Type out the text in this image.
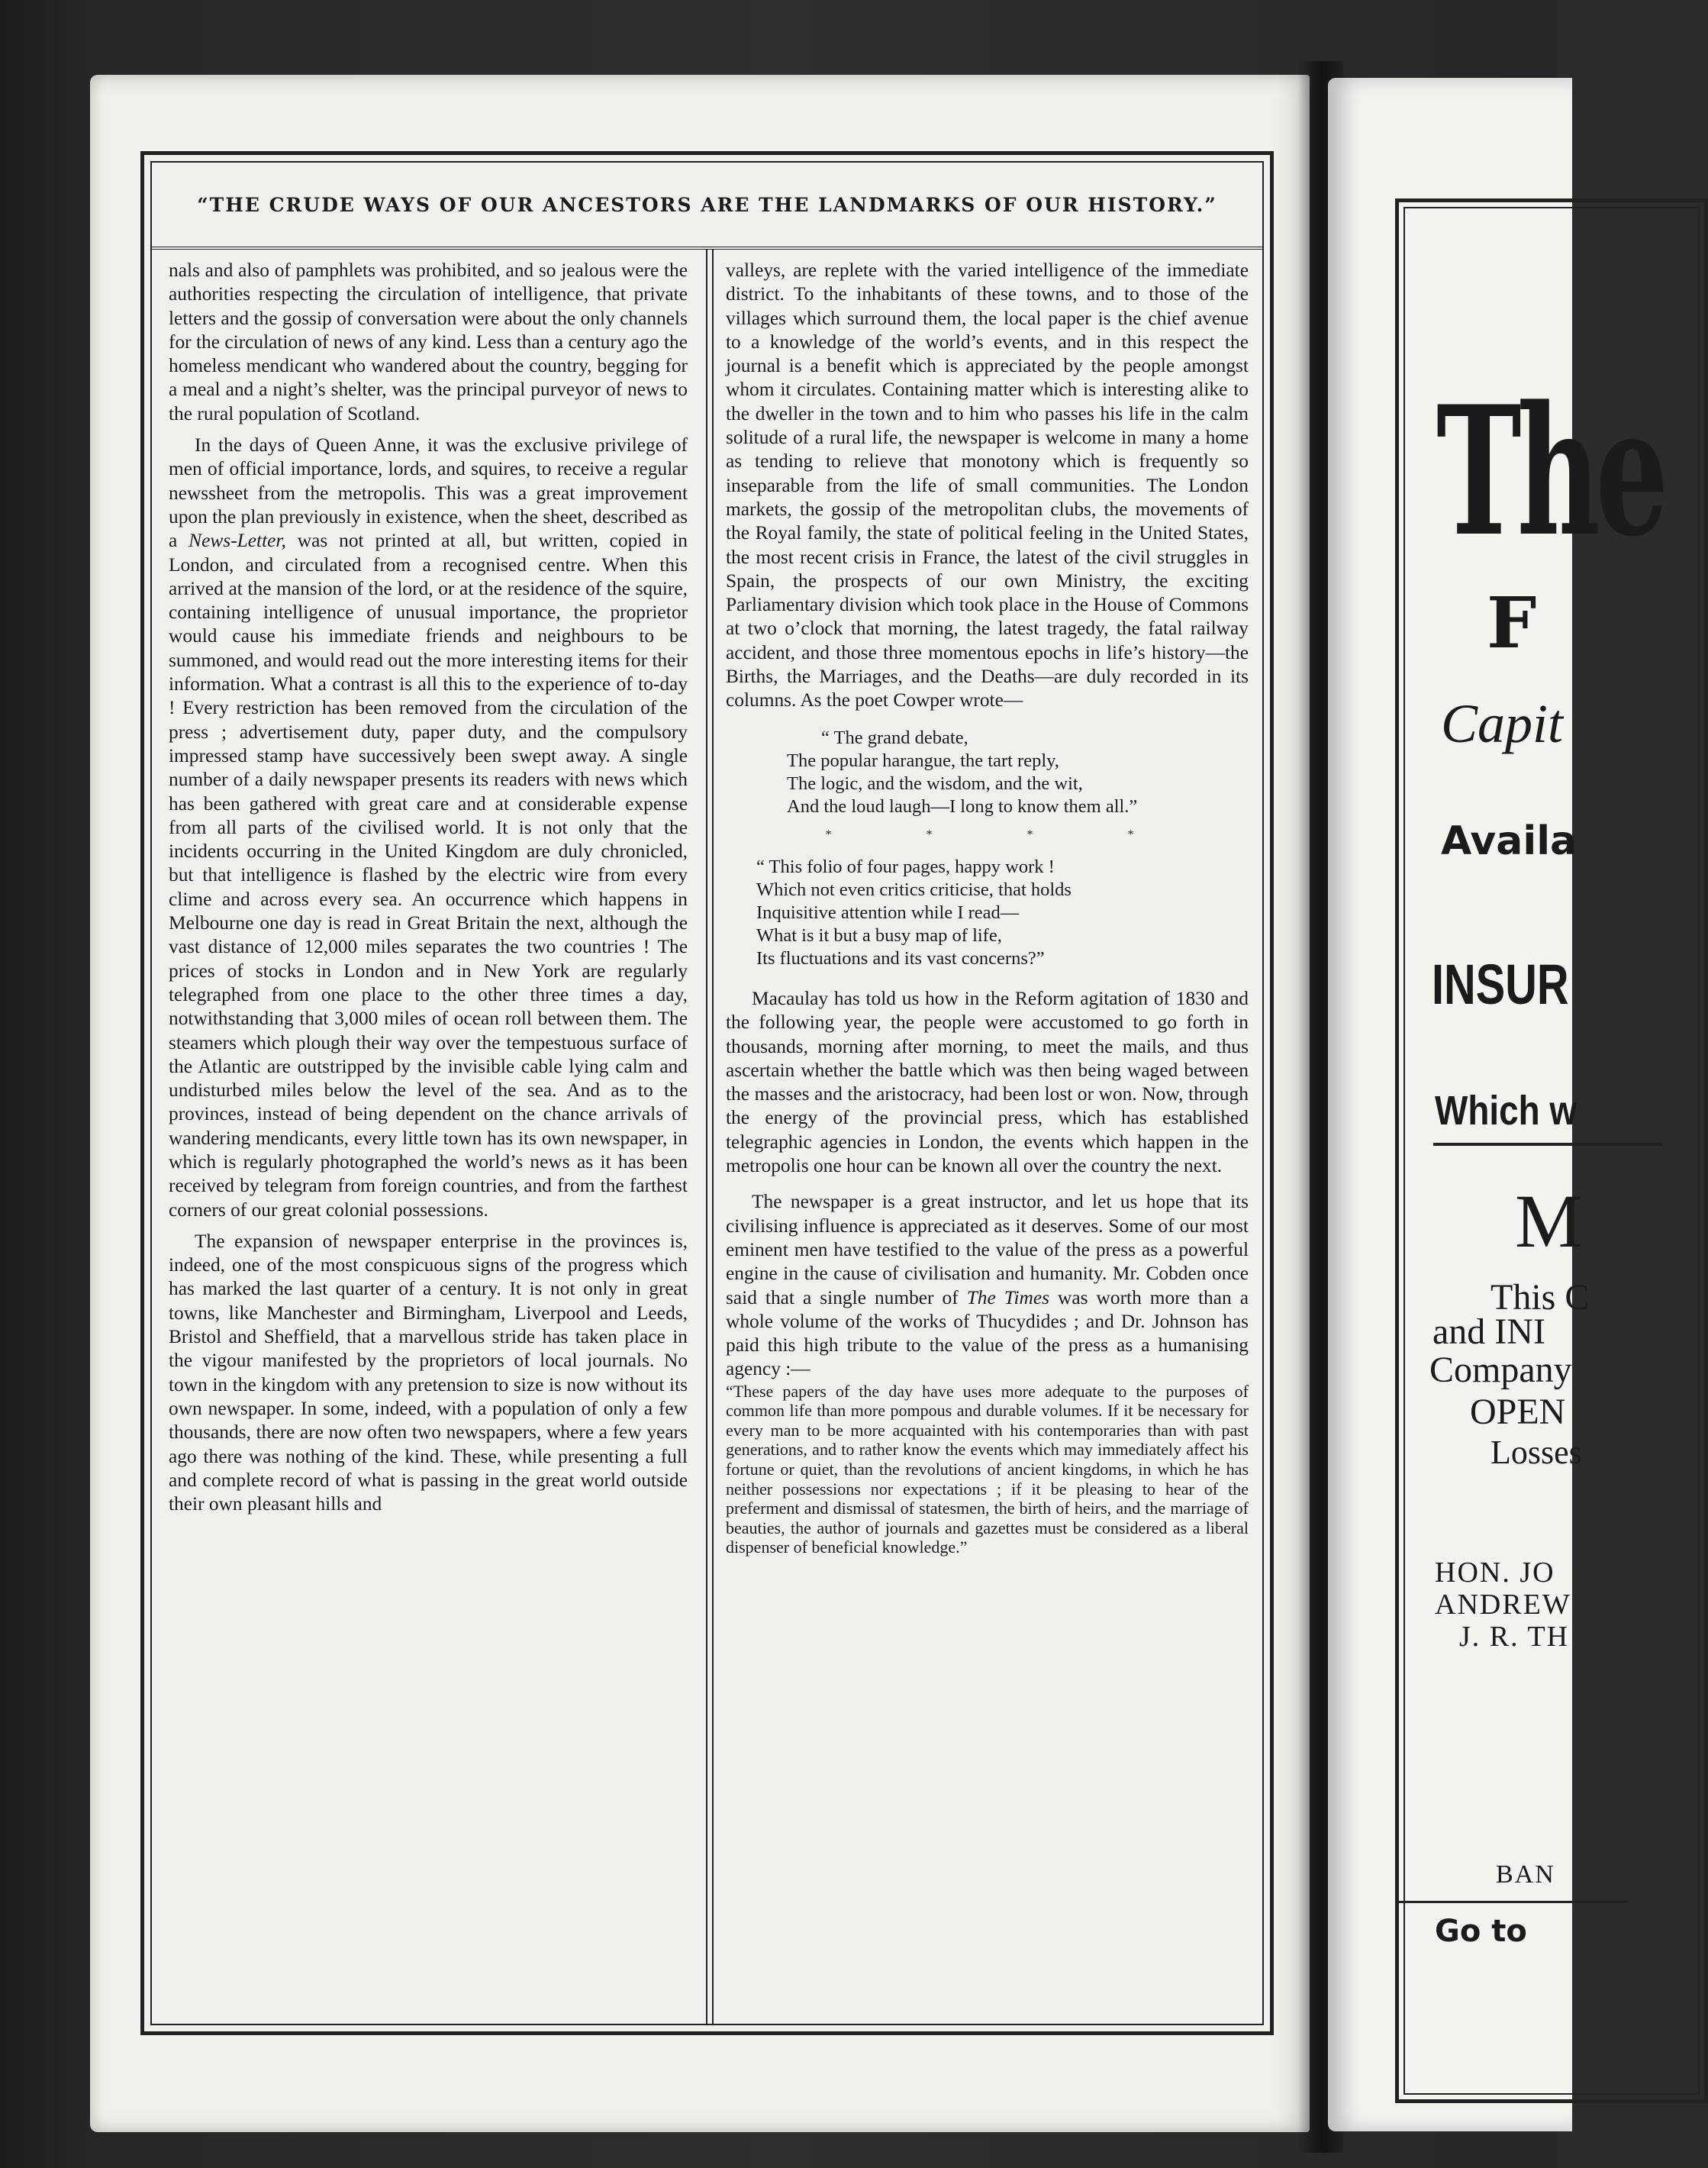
“THE CRUDE WAYS OF OUR ANCESTORS ARE THE LANDMARKS OF OUR HISTORY.”

nals and also of pamphlets was prohibited, and so jealous were the authorities respecting the circulation of intelligence, that private letters and the gossip of conversation were about the only channels for the circulation of news of any kind. Less than a century ago the homeless mendicant who wandered about the country, begging for a meal and a night’s shelter, was the principal purveyor of news to the rural population of Scotland.

In the days of Queen Anne, it was the exclusive privilege of men of official importance, lords, and squires, to receive a regular newssheet from the metropolis. This was a great improvement upon the plan previously in existence, when the sheet, described as a News-Letter, was not printed at all, but written, copied in London, and circulated from a recognised centre. When this arrived at the mansion of the lord, or at the residence of the squire, containing intelligence of unusual importance, the proprietor would cause his immediate friends and neighbours to be summoned, and would read out the more interesting items for their information. What a contrast is all this to the experience of to-day ! Every restriction has been removed from the circulation of the press ; advertisement duty, paper duty, and the compulsory impressed stamp have successively been swept away. A single number of a daily newspaper presents its readers with news which has been gathered with great care and at considerable expense from all parts of the civilised world. It is not only that the incidents occurring in the United Kingdom are duly chronicled, but that intelligence is flashed by the electric wire from every clime and across every sea. An occurrence which happens in Melbourne one day is read in Great Britain the next, although the vast distance of 12,000 miles separates the two countries ! The prices of stocks in London and in New York are regularly telegraphed from one place to the other three times a day, notwithstanding that 3,000 miles of ocean roll between them. The steamers which plough their way over the tempestuous surface of the Atlantic are outstripped by the invisible cable lying calm and undisturbed miles below the level of the sea. And as to the provinces, instead of being dependent on the chance arrivals of wandering mendicants, every little town has its own newspaper, in which is regularly photographed the world’s news as it has been received by telegram from foreign countries, and from the farthest corners of our great colonial possessions.

The expansion of newspaper enterprise in the provinces is, indeed, one of the most conspicuous signs of the progress which has marked the last quarter of a century. It is not only in great towns, like Manchester and Birmingham, Liverpool and Leeds, Bristol and Sheffield, that a marvellous stride has taken place in the vigour manifested by the proprietors of local journals. No town in the kingdom with any pretension to size is now without its own newspaper. In some, indeed, with a population of only a few thousands, there are now often two newspapers, where a few years ago there was nothing of the kind. These, while presenting a full and complete record of what is passing in the great world outside their own pleasant hills and

valleys, are replete with the varied intelligence of the immediate district. To the inhabitants of these towns, and to those of the villages which surround them, the local paper is the chief avenue to a knowledge of the world’s events, and in this respect the journal is a benefit which is appreciated by the people amongst whom it circulates. Containing matter which is interesting alike to the dweller in the town and to him who passes his life in the calm solitude of a rural life, the newspaper is welcome in many a home as tending to relieve that monotony which is frequently so inseparable from the life of small communities. The London markets, the gossip of the metropolitan clubs, the movements of the Royal family, the state of political feeling in the United States, the most recent crisis in France, the latest of the civil struggles in Spain, the prospects of our own Ministry, the exciting Parliamentary division which took place in the House of Commons at two o’clock that morning, the latest tragedy, the fatal railway accident, and those three momentous epochs in life’s history—the Births, the Marriages, and the Deaths—are duly recorded in its columns. As the poet Cowper wrote—

“ The grand debate,
The popular harangue, the tart reply,
The logic, and the wisdom, and the wit,
And the loud laugh—I long to know them all.”
* * * *
“ This folio of four pages, happy work !
Which not even critics criticise, that holds
Inquisitive attention while I read—
What is it but a busy map of life,
Its fluctuations and its vast concerns?”

Macaulay has told us how in the Reform agitation of 1830 and the following year, the people were accustomed to go forth in thousands, morning after morning, to meet the mails, and thus ascertain whether the battle which was then being waged between the masses and the aristocracy, had been lost or won. Now, through the energy of the provincial press, which has established telegraphic agencies in London, the events which happen in the metropolis one hour can be known all over the country the next.

The newspaper is a great instructor, and let us hope that its civilising influence is appreciated as it deserves. Some of our most eminent men have testified to the value of the press as a powerful engine in the cause of civilisation and humanity. Mr. Cobden once said that a single number of The Times was worth more than a whole volume of the works of Thucydides ; and Dr. Johnson has paid this high tribute to the value of the press as a humanising agency :—

“These papers of the day have uses more adequate to the purposes of common life than more pompous and durable volumes. If it be necessary for every man to be more acquainted with his contemporaries than with past generations, and to rather know the events which may immediately affect his fortune or quiet, than the revolutions of ancient kingdoms, in which he has neither possessions nor expectations ; if it be pleasing to hear of the preferment and dismissal of statesmen, the birth of heirs, and the marriage of beauties, the author of journals and gazettes must be considered as a liberal dispenser of beneficial knowledge.”

The
F
Capit
Availa
INSUR
Which w
M
This C
and INI
Company
OPEN
Losses
HON. JO
ANDREW
J. R. TH
BAN
Go to
